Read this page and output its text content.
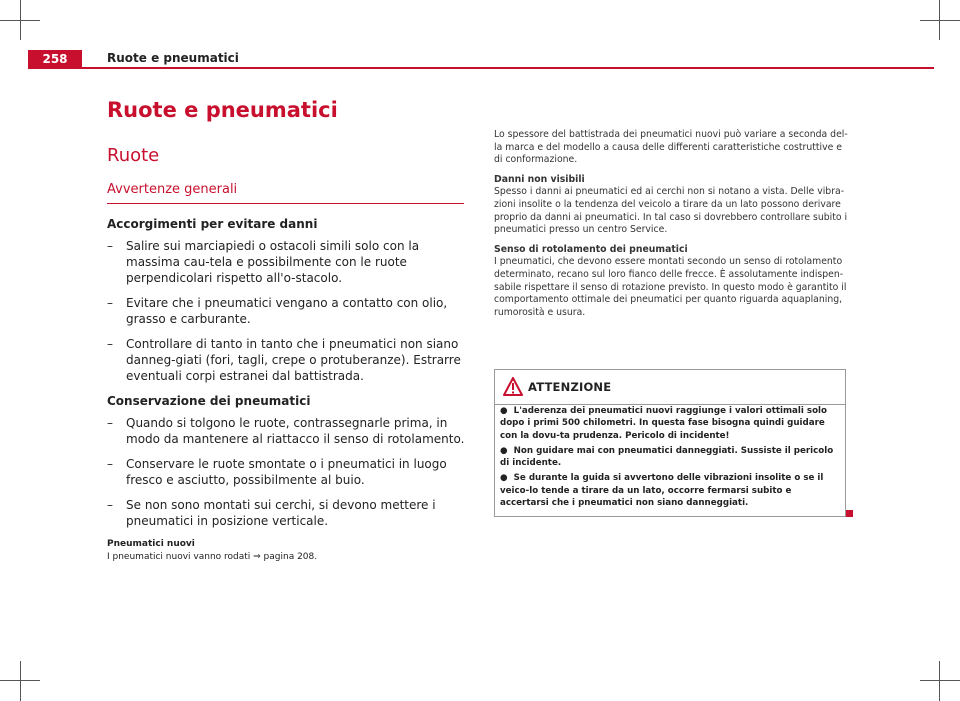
258	Ruote e pneumatici
Ruote e pneumatici
Ruote
Avvertenze generali
Accorgimenti per evitare danni
– Salire sui marciapiedi o ostacoli simili solo con la massima cau-tela e possibilmente con le ruote perpendicolari rispetto all'o-stacolo.
– Evitare che i pneumatici vengano a contatto con olio, grasso e carburante.
– Controllare di tanto in tanto che i pneumatici non siano danneg-giati (fori, tagli, crepe o protuberanze). Estrarre eventuali corpi estranei dal battistrada.
Conservazione dei pneumatici
– Quando si tolgono le ruote, contrassegnarle prima, in modo da mantenere al riattacco il senso di rotolamento.
– Conservare le ruote smontate o i pneumatici in luogo fresco e asciutto, possibilmente al buio.
– Se non sono montati sui cerchi, si devono mettere i pneumatici in posizione verticale.
Pneumatici nuovi
I pneumatici nuovi vanno rodati ⇒ pagina 208.

Lo spessore del battistrada dei pneumatici nuovi può variare a seconda del-la marca e del modello a causa delle differenti caratteristiche costruttive e di conformazione.

Danni non visibili

Spesso i danni ai pneumatici ed ai cerchi non si notano a vista. Delle vibra-zioni insolite o la tendenza del veicolo a tirare da un lato possono derivare proprio da danni ai pneumatici. In tal caso si dovrebbero controllare subito i pneumatici presso un centro Service.

Senso di rotolamento dei pneumatici

I pneumatici, che devono essere montati secondo un senso di rotolamento determinato, recano sul loro fianco delle frecce. È assolutamente indispen-sabile rispettare il senso di rotazione previsto. In questo modo è garantito il comportamento ottimale dei pneumatici per quanto riguarda aquaplaning, rumorosità e usura.

ATTENZIONE
● L'aderenza dei pneumatici nuovi raggiunge i valori ottimali solo dopo i primi 500 chilometri. In questa fase bisogna quindi guidare con la dovu-ta prudenza. Pericolo di incidente!
● Non guidare mai con pneumatici danneggiati. Sussiste il pericolo di incidente.
● Se durante la guida si avvertono delle vibrazioni insolite o se il veico-lo tende a tirare da un lato, occorre fermarsi subito e accertarsi che i pneumatici non siano danneggiati.
